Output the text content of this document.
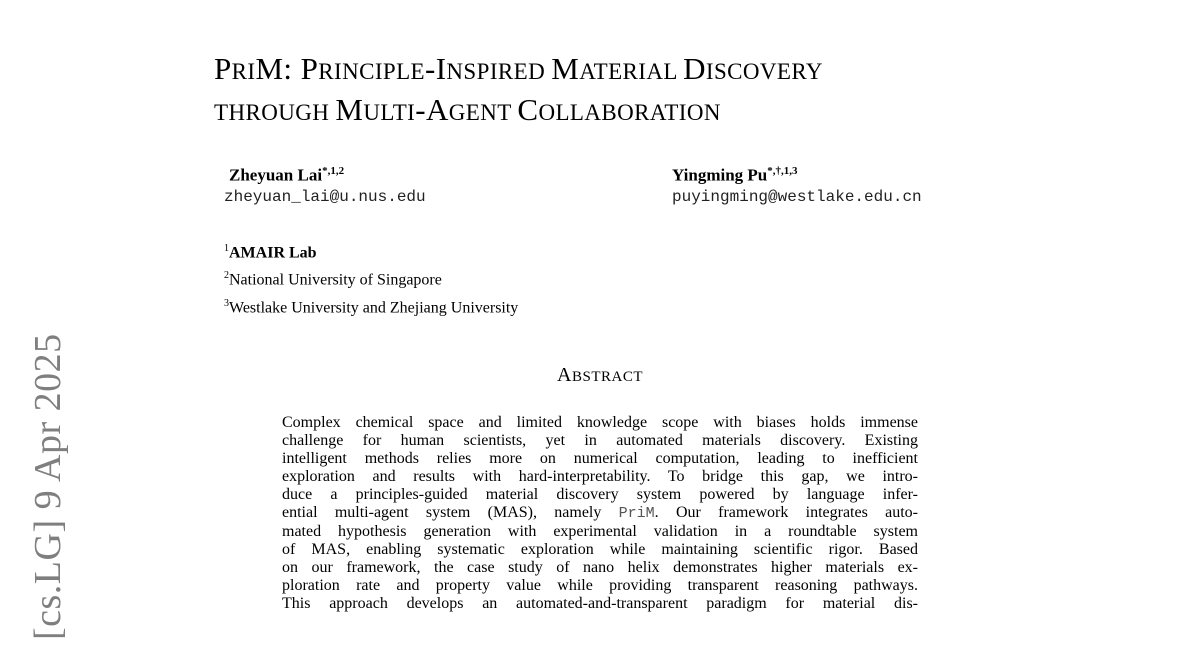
[cs.LG] 9 Apr 2025
PRIM: PRINCIPLE-INSPIRED MATERIAL DISCOVERY
THROUGH MULTI-AGENT COLLABORATION
Zheyuan Lai$^{*,1,2}$
zheyuan_lai@u.nus.edu
Yingming $Pu^{*,\dagger,1,3}$
puyingming@westlake.edu.cn
$^1$AMAIR Lab
$^2$National University of Singapore
$^3$Westlake University and Zhejiang University
ABSTRACT
Complex chemical space and limited knowledge scope with biases holds immense
challenge for human scientists, yet in automated materials discovery. Existing
intelligent methods relies more on numerical computation, leading to inefficient
exploration and results with hard-interpretability. To bridge this gap, we intro-
duce a principles-guided material discovery system powered by language infer-
ential multi-agent system (MAS), namely PriM. Our framework integrates auto-
mated hypothesis generation with experimental validation in a roundtable system
of MAS, enabling systematic exploration while maintaining scientific rigor. Based
on our framework, the case study of nano helix demonstrates higher materials ex-
ploration rate and property value while providing transparent reasoning pathways.
This approach develops an automated-and-transparent paradigm for material dis-
